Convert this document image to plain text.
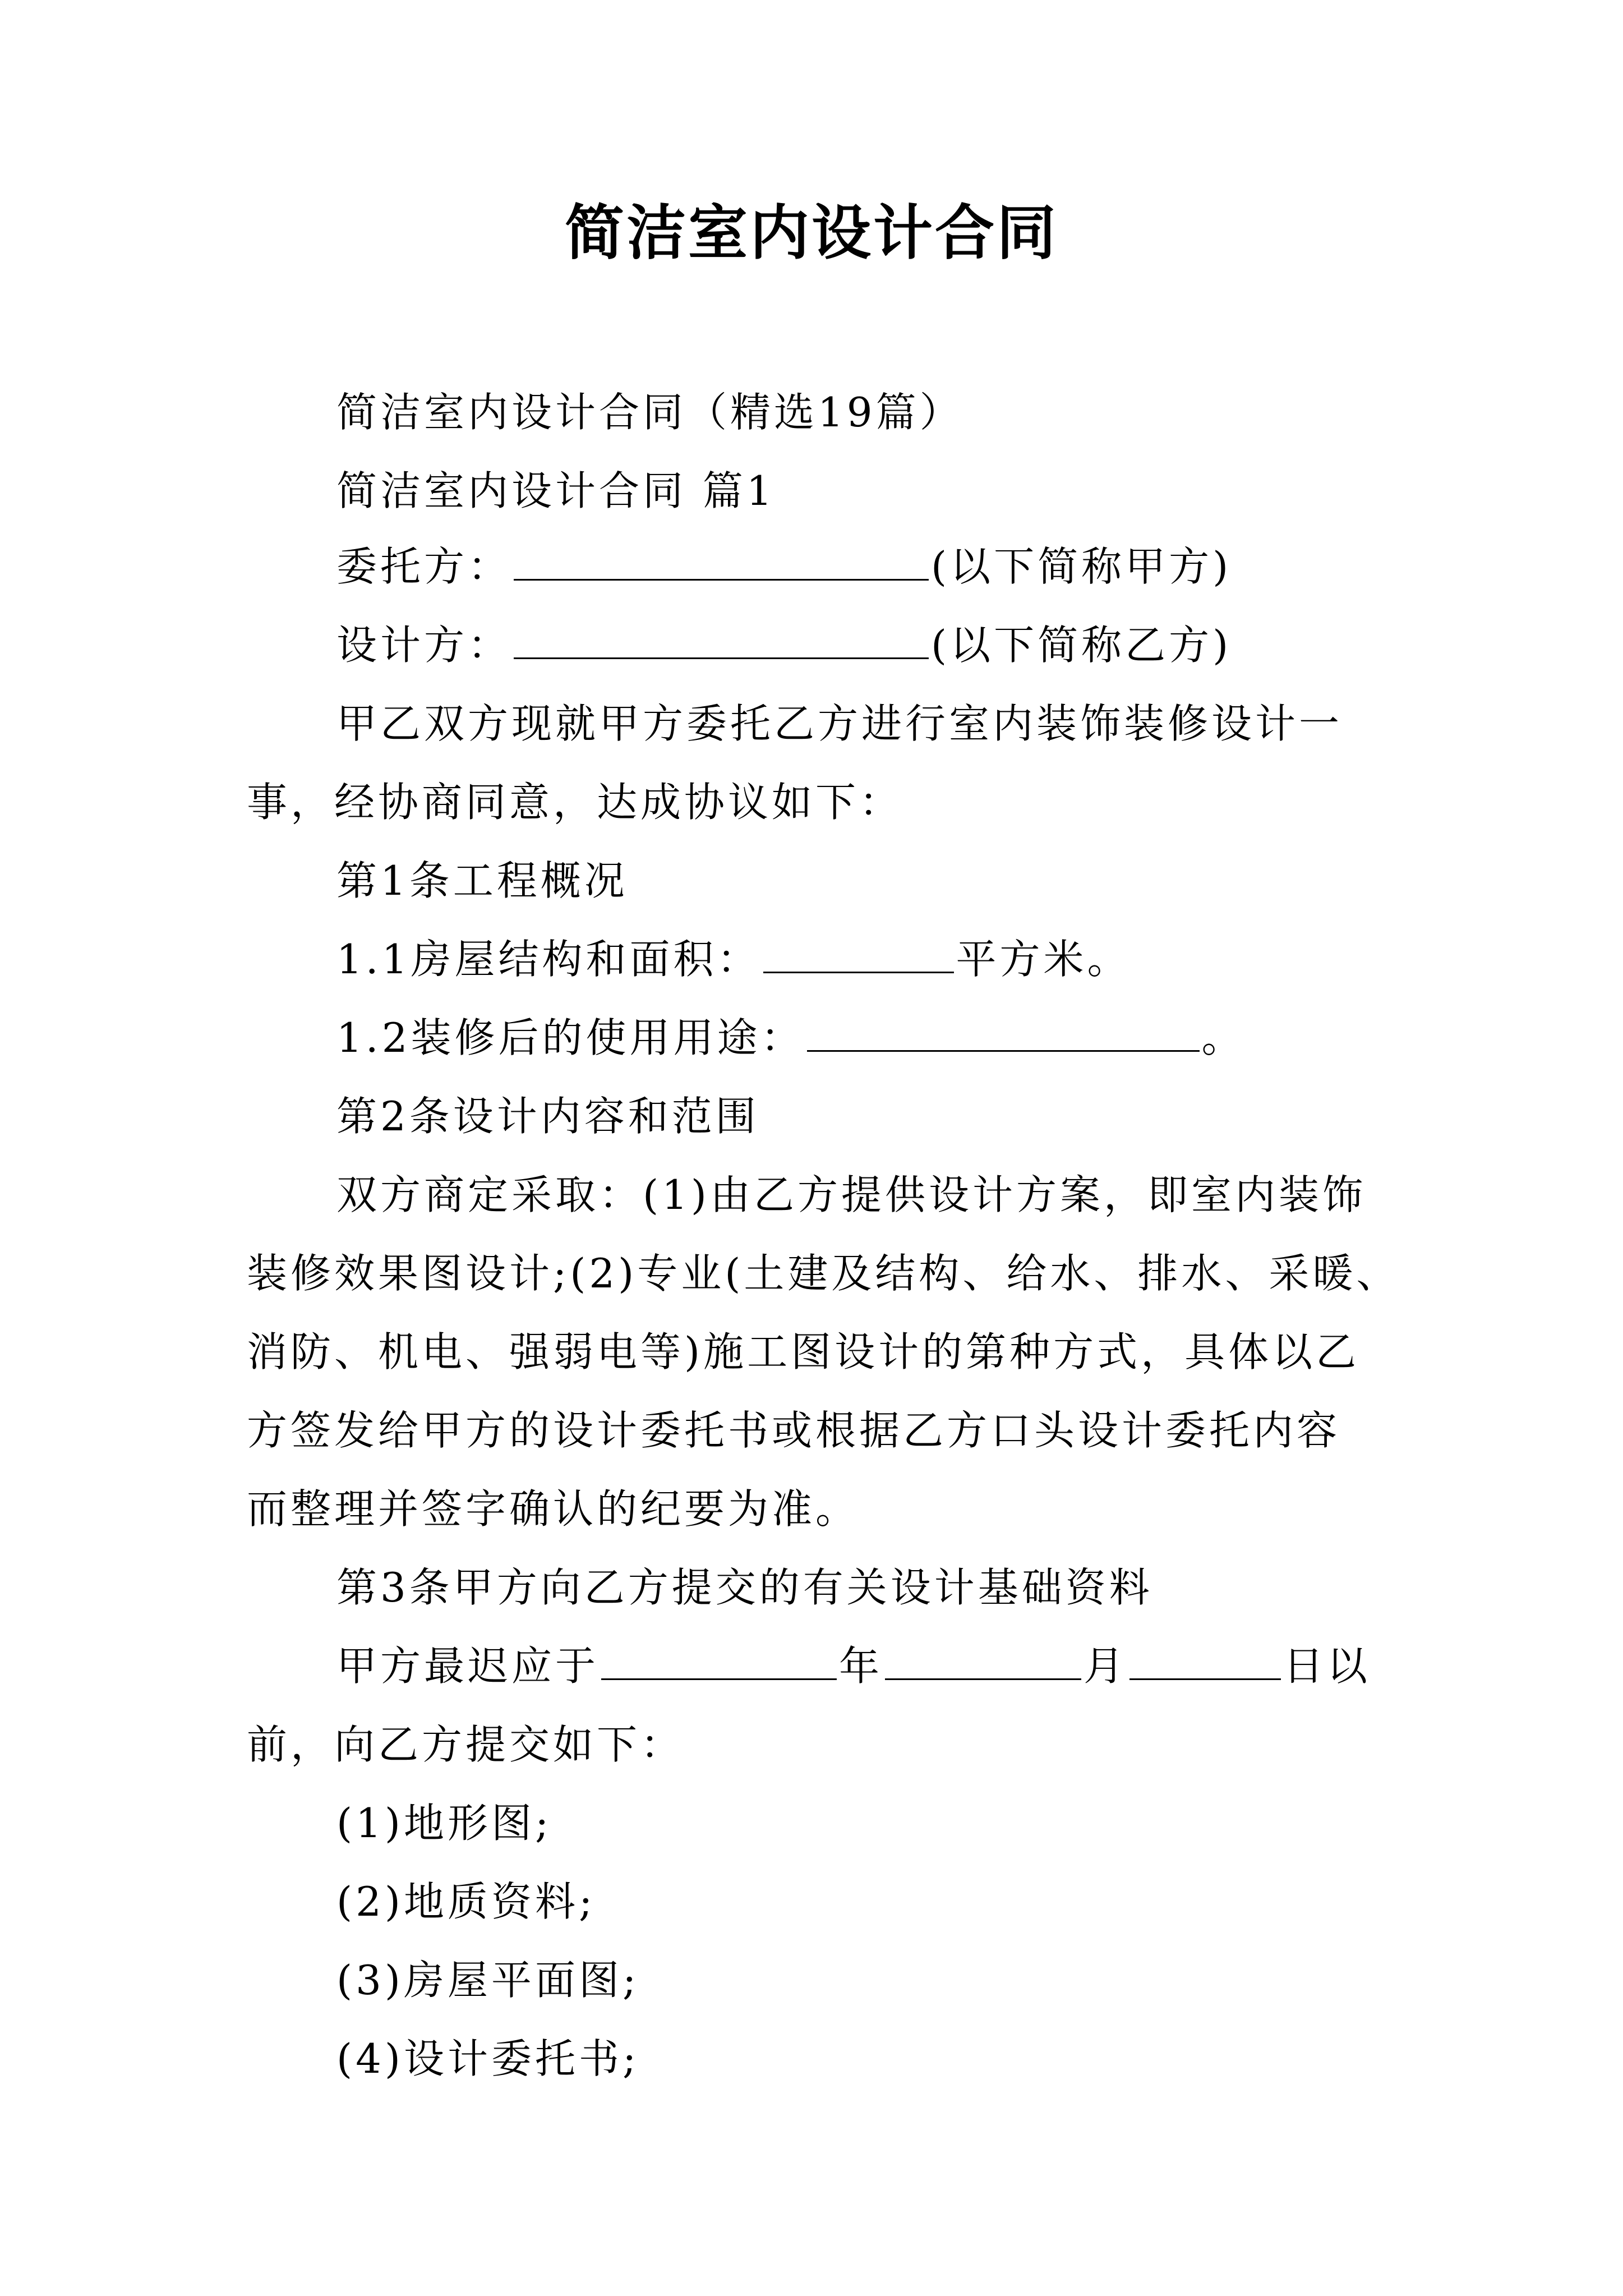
简洁室内设计合同
简洁室内设计合同（精选19篇）
简洁室内设计合同 篇1
委托方：	(以下简称甲方)
设计方：	(以下简称乙方)
甲乙双方现就甲方委托乙方进行室内装饰装修设计一
事，经协商同意，达成协议如下：
第1条工程概况
1.1房屋结构和面积：	平方米。
1.2装修后的使用用途：	。
第2条设计内容和范围
双方商定采取：(1)由乙方提供设计方案，即室内装饰
装修效果图设计;(2)专业(土建及结构、给水、排水、采暖、
消防、机电、强弱电等)施工图设计的第种方式，具体以乙
方签发给甲方的设计委托书或根据乙方口头设计委托内容
而整理并签字确认的纪要为准。
第3条甲方向乙方提交的有关设计基础资料
甲方最迟应于	年	月	日以
前，向乙方提交如下：
(1)地形图;
(2)地质资料;
(3)房屋平面图;
(4)设计委托书;
